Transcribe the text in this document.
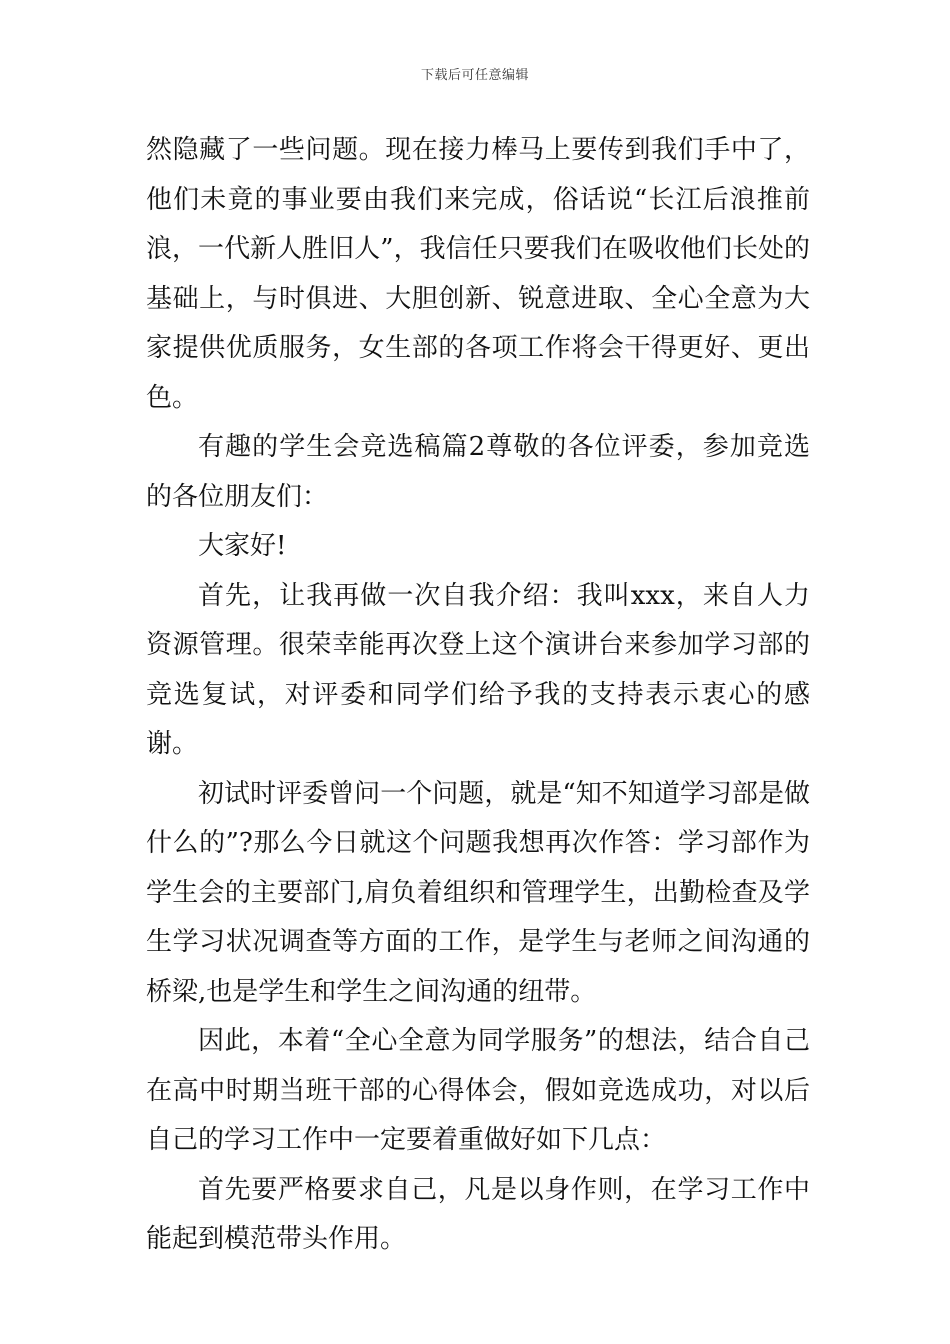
下载后可任意编辑

然隐藏了一些问题。现在接力棒马上要传到我们手中了，他们未竟的事业要由我们来完成，俗话说“长江后浪推前浪，一代新人胜旧人”，我信任只要我们在吸收他们长处的基础上，与时俱进、大胆创新、锐意进取、全心全意为大家提供优质服务，女生部的各项工作将会干得更好、更出色。

有趣的学生会竞选稿篇2尊敬的各位评委，参加竞选的各位朋友们：

大家好!

首先，让我再做一次自我介绍：我叫xxx，来自人力资源管理。很荣幸能再次登上这个演讲台来参加学习部的竞选复试，对评委和同学们给予我的支持表示衷心的感谢。

初试时评委曾问一个问题，就是“知不知道学习部是做什么的”?那么今日就这个问题我想再次作答：学习部作为学生会的主要部门,肩负着组织和管理学生，出勤检查及学生学习状况调查等方面的工作，是学生与老师之间沟通的桥梁,也是学生和学生之间沟通的纽带。

因此，本着“全心全意为同学服务”的想法，结合自己在高中时期当班干部的心得体会，假如竞选成功，对以后自己的学习工作中一定要着重做好如下几点：

首先要严格要求自己，凡是以身作则，在学习工作中能起到模范带头作用。
